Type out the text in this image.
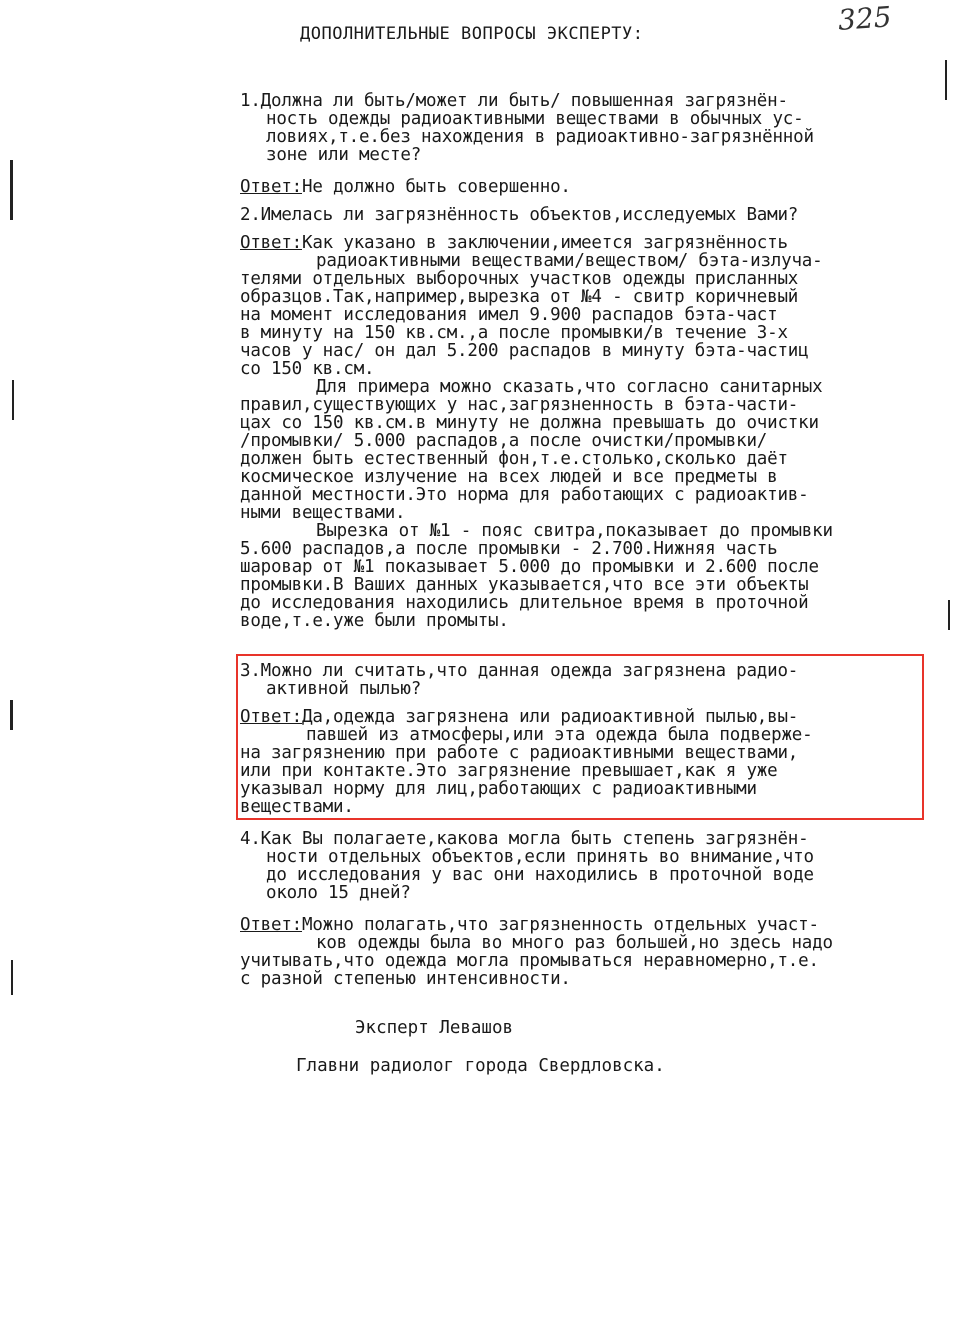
325
ДОПОЛНИТЕЛЬНЫЕ ВОПРОСЫ ЭКСПЕРТУ:
1.Должна ли быть/может ли быть/ повышенная загрязнён-
ность одежды радиоактивными веществами в обычных ус-
ловиях,т.е.без нахождения в радиоактивно-загрязнённой
зоне или месте?
Ответ:Не должно быть совершенно.
2.Имелась ли загрязнённость объектов,исследуемых Вами?
Ответ:Как указано в заключении,имеется загрязнённость
радиоактивными веществами/веществом/ бэта-излуча-
телями отдельных выборочных участков одежды присланных
образцов.Так,например,вырезка от №4 - свитр коричневый
на момент исследования имел 9.900 распадов бэта-част
в минуту на 150 кв.см.,а после промывки/в течение 3-х
часов у нас/ он дал 5.200 распадов в минуту бэта-частиц
со 150 кв.см.
Для примера можно сказать,что согласно санитарных
правил,существующих у нас,загрязненность в бэта-части-
цах со 150 кв.см.в минуту не должна превышать до очистки
/промывки/ 5.000 распадов,а после очистки/промывки/
должен быть естественный фон,т.е.столько,сколько даёт
космическое излучение на всех людей и все предметы в
данной местности.Это норма для работающих с радиоактив-
ными веществами.
Вырезка от №1 - пояс свитра,показывает до промывки
5.600 распадов,а после промывки - 2.700.Нижняя часть
шаровар от №1 показывает 5.000 до промывки и 2.600 после
промывки.В Ваших данных указывается,что все эти объекты
до исследования находились длительное время в проточной
воде,т.е.уже были промыты.
3.Можно ли считать,что данная одежда загрязнена радио-
активной пылью?
Ответ:Да,одежда загрязнена или радиоактивной пылью,вы-
павшей из атмосферы,или эта одежда была подверже-
на загрязнению при работе с радиоактивными веществами,
или при контакте.Это загрязнение превышает,как я уже
указывал норму для лиц,работающих с радиоактивными
веществами.
4.Как Вы полагаете,какова могла быть степень загрязнён-
ности отдельных объектов,если принять во внимание,что
до исследования у вас они находились в проточной воде
около 15 дней?
Ответ:Можно полагать,что загрязненность отдельных участ-
ков одежды была во много раз большей,но здесь надо
учитывать,что одежда могла промываться неравномерно,т.е.
с разной степенью интенсивности.
Эксперт Левашов
Главни радиолог города Свердловска.
